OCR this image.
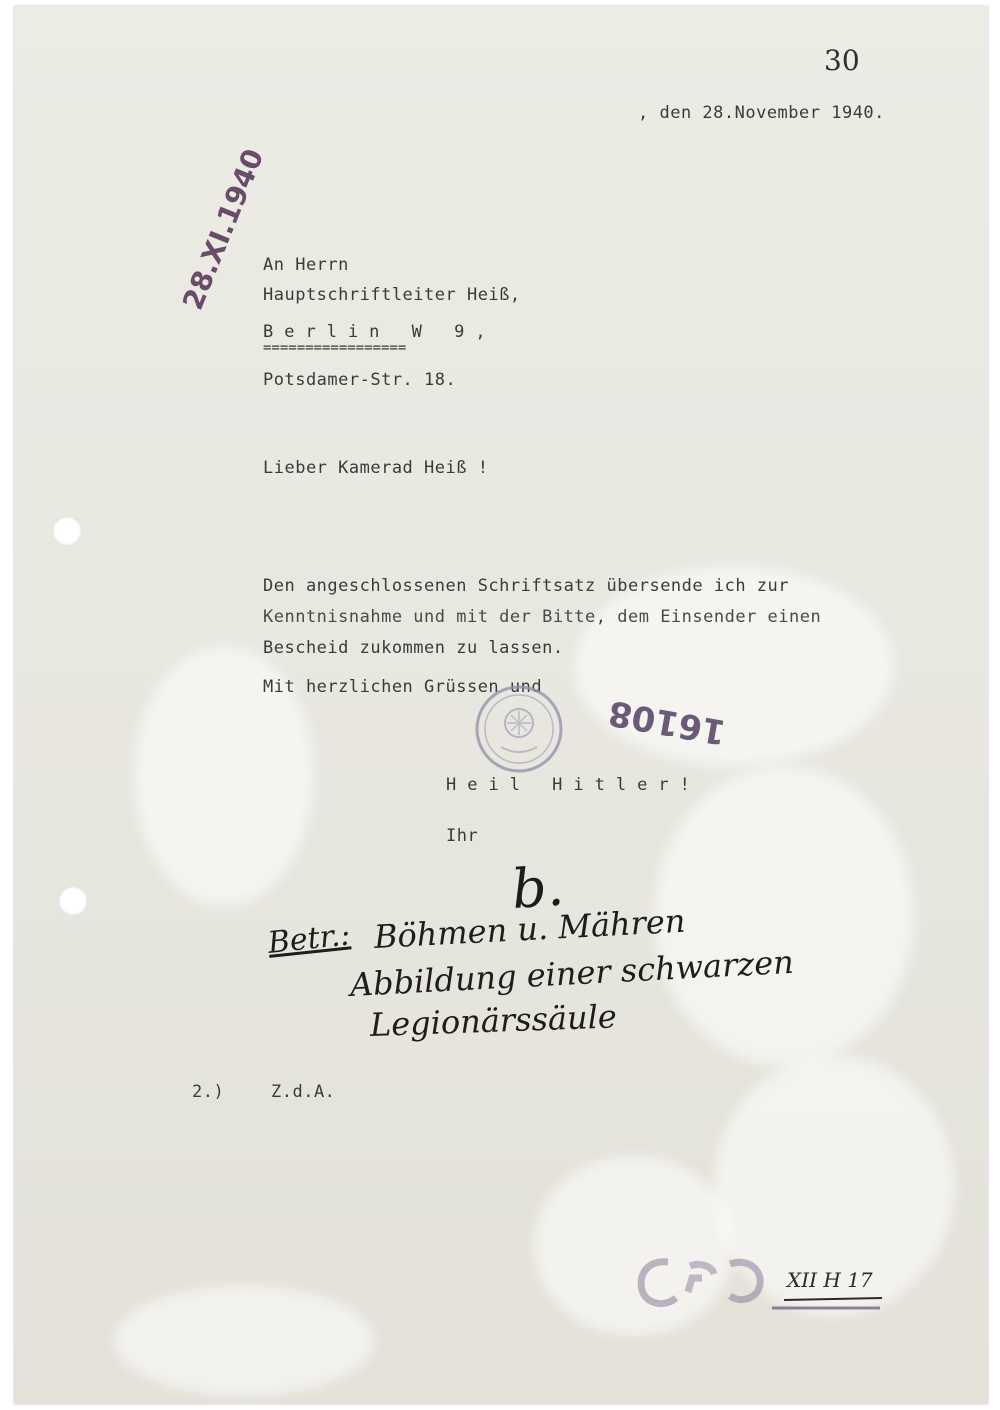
30
, den 28.November 1940.
28.XI.1940
An Herrn
Hauptschriftleiter Heiß,
Berlin W 9,
=================
Potsdamer-Str. 18.
Lieber Kamerad Heiß !
Den angeschlossenen Schriftsatz übersende ich zur
Kenntnisnahme und mit der Bitte, dem Einsender einen
Bescheid zukommen zu lassen.
Mit herzlichen Grüssen und
16108
Heil Hitler!
Ihr
b.
Betr.: Böhmen u. Mähren
Abbildung einer schwarzen
Legionärssäule
2.)	Z.d.A.
XII H 17
